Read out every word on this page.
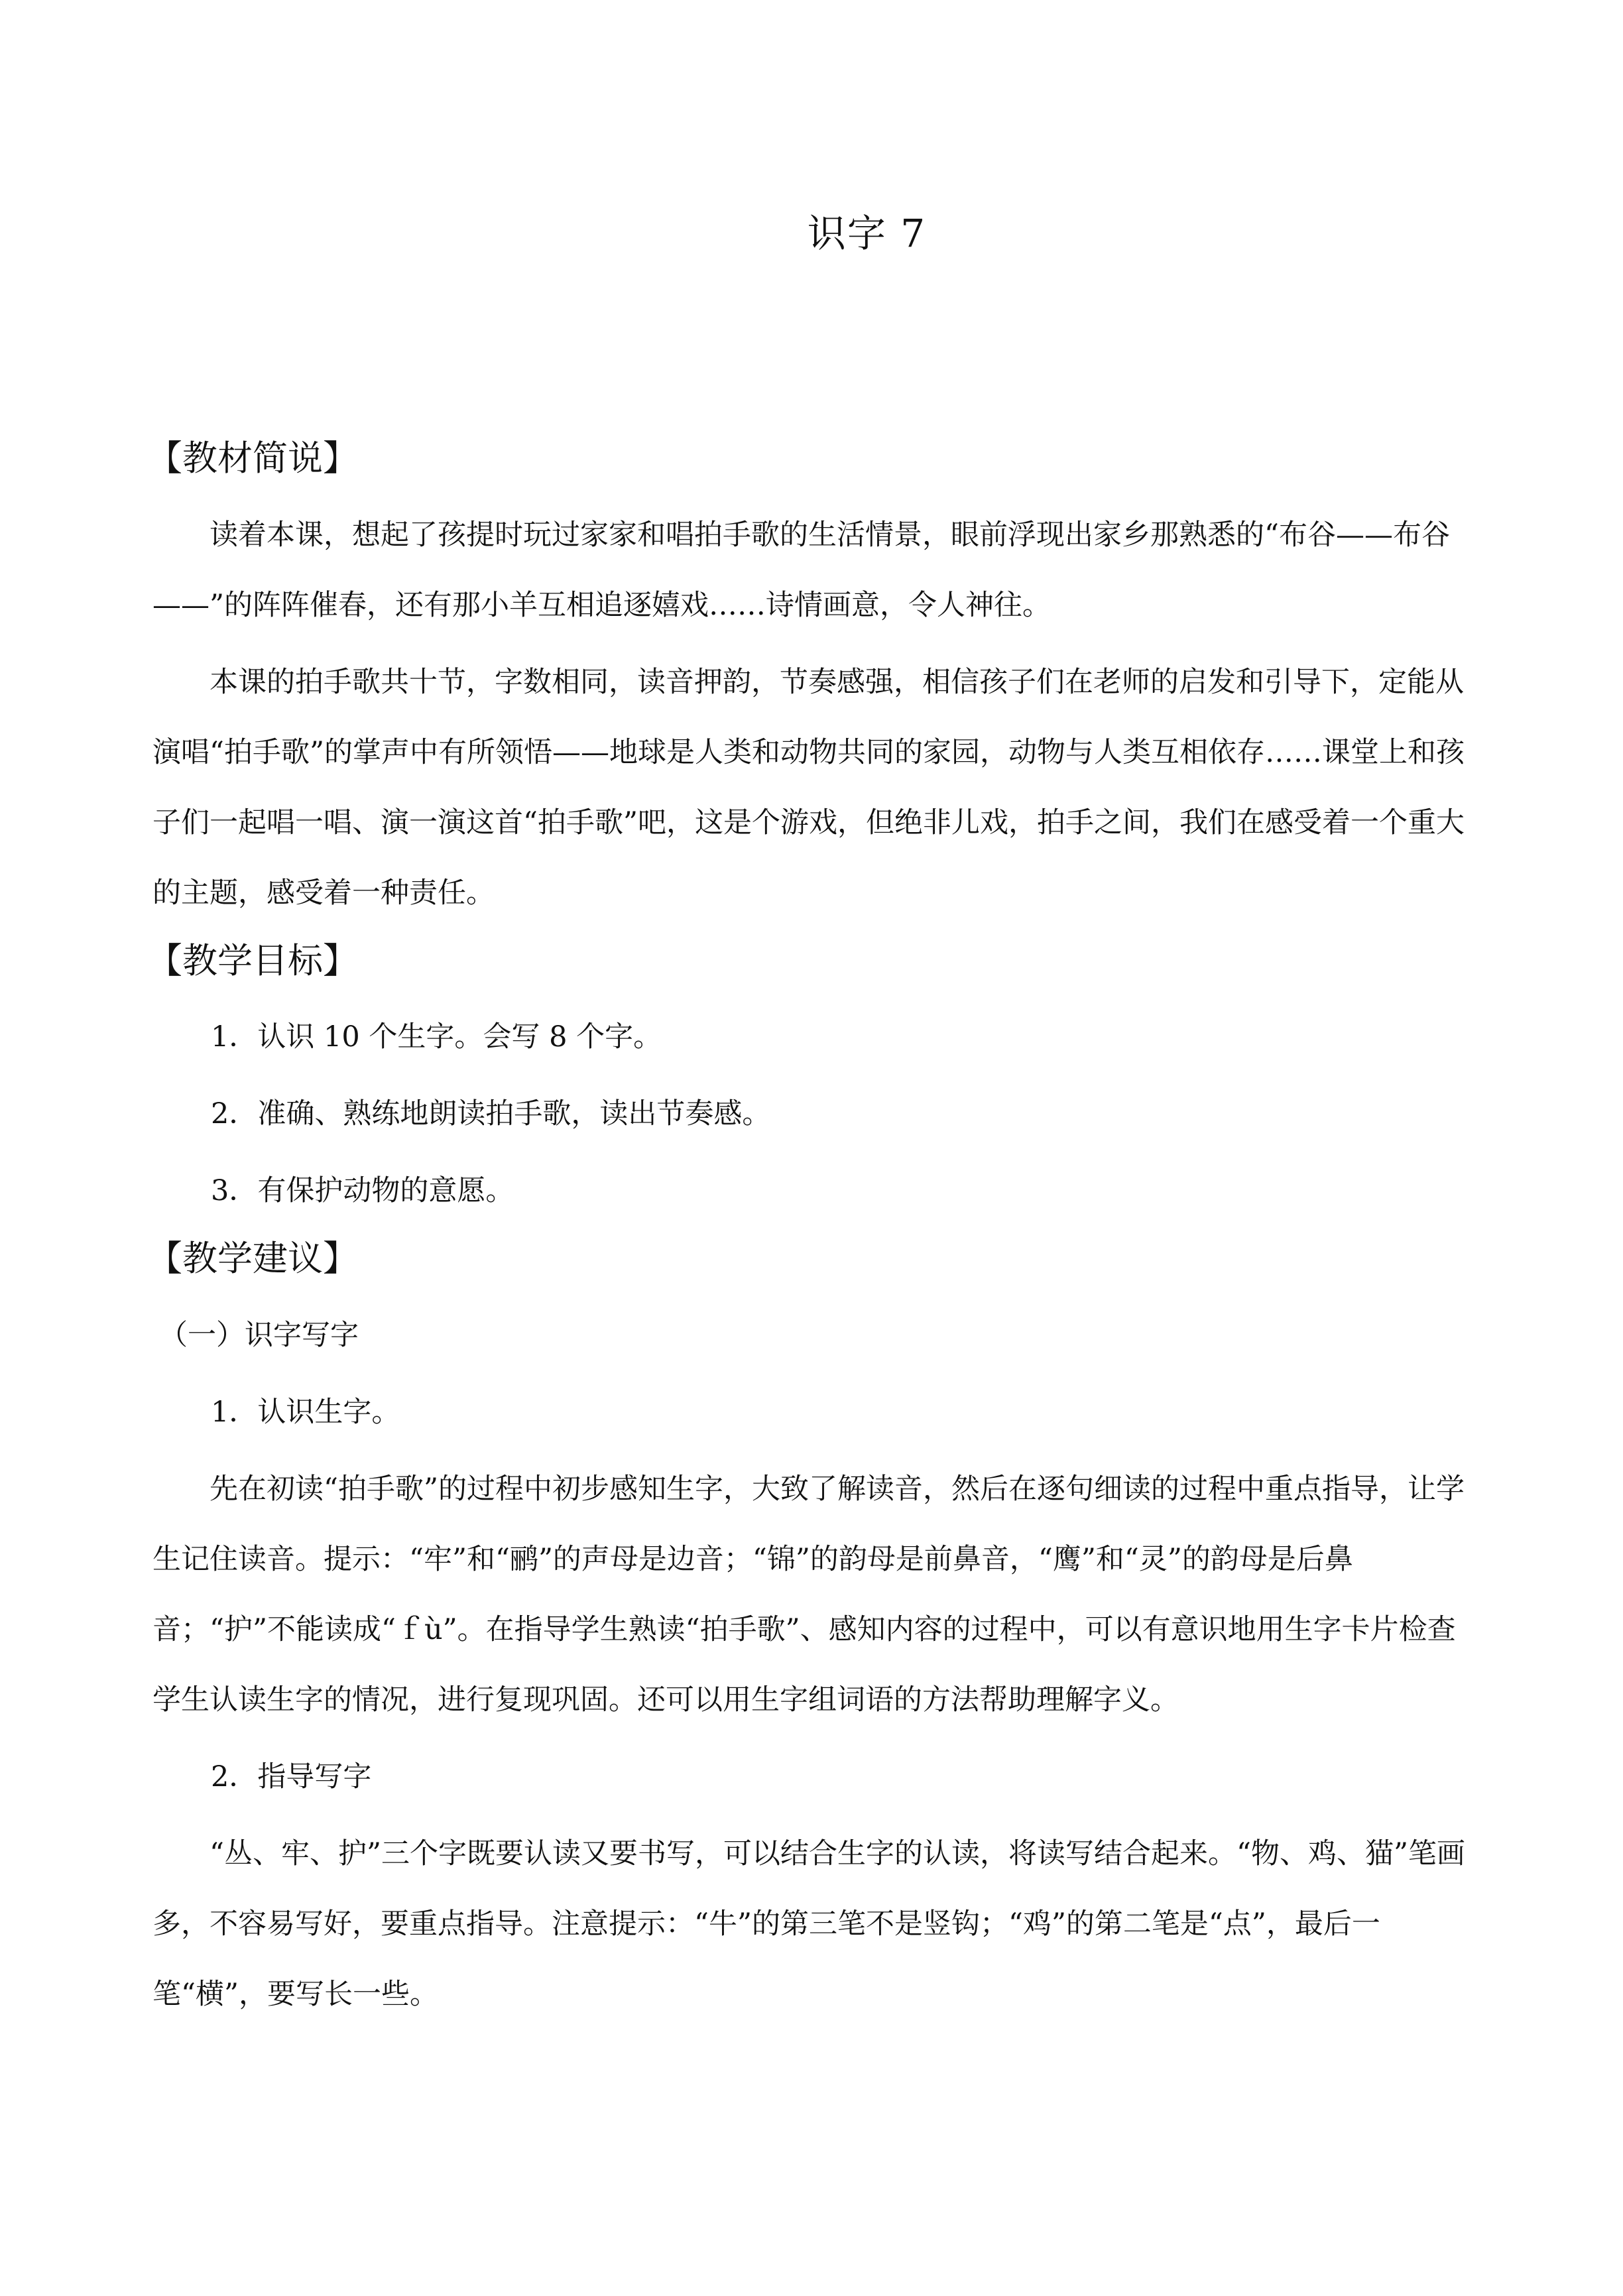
识字 7
【教材简说】

读着本课，想起了孩提时玩过家家和唱拍手歌的生活情景，眼前浮现出家乡那熟悉的“布谷——布谷——”的阵阵催春，还有那小羊互相追逐嬉戏……诗情画意，令人神往。

本课的拍手歌共十节，字数相同，读音押韵，节奏感强，相信孩子们在老师的启发和引导下，定能从演唱“拍手歌”的掌声中有所领悟——地球是人类和动物共同的家园，动物与人类互相依存……课堂上和孩子们一起唱一唱、演一演这首“拍手歌”吧，这是个游戏，但绝非儿戏，拍手之间，我们在感受着一个重大的主题，感受着一种责任。

【教学目标】
1．认识 10 个生字。会写 8 个字。
2．准确、熟练地朗读拍手歌，读出节奏感。
3．有保护动物的意愿。
【教学建议】
（一）识字写字
1．认识生字。

先在初读“拍手歌”的过程中初步感知生字，大致了解读音，然后在逐句细读的过程中重点指导，让学生记住读音。提示：“牢”和“鹂”的声母是边音；“锦”的韵母是前鼻音，“鹰”和“灵”的韵母是后鼻音；“护”不能读成“ｆù”。在指导学生熟读“拍手歌”、感知内容的过程中，可以有意识地用生字卡片检查学生认读生字的情况，进行复现巩固。还可以用生字组词语的方法帮助理解字义。

2．指导写字

“丛、牢、护”三个字既要认读又要书写，可以结合生字的认读，将读写结合起来。“物、鸡、猫”笔画多，不容易写好，要重点指导。注意提示：“牛”的第三笔不是竖钩；“鸡”的第二笔是“点”，最后一笔“横”，要写长一些。
